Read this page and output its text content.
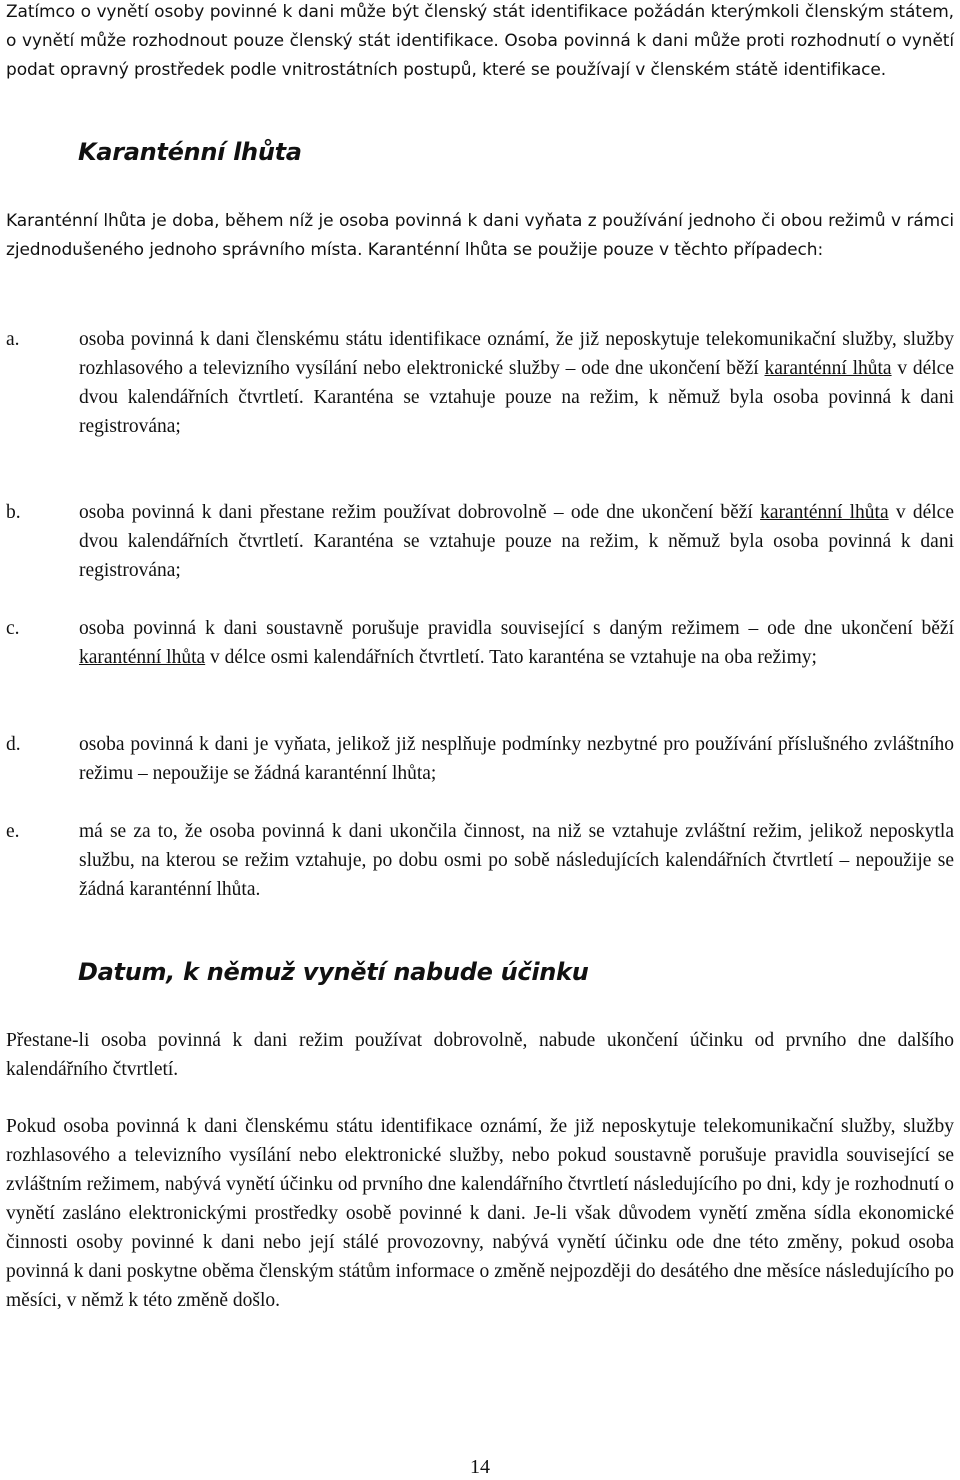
Zatímco o vynětí osoby povinné k dani může být členský stát identifikace požádán kterýmkoli členským státem, o vynětí může rozhodnout pouze členský stát identifikace. Osoba povinná k dani může proti rozhodnutí o vynětí podat opravný prostředek podle vnitrostátních postupů, které se používají v členském státě identifikace.

Karanténní lhůta

Karanténní lhůta je doba, během níž je osoba povinná k dani vyňata z používání jednoho či obou režimů v rámci zjednodušeného jednoho správního místa. Karanténní lhůta se použije pouze v těchto případech:

a.	osoba povinná k dani členskému státu identifikace oznámí, že již neposkytuje telekomunikační služby, služby rozhlasového a televizního vysílání nebo elektronické služby – ode dne ukončení běží karanténní lhůta v délce dvou kalendářních čtvrtletí. Karanténa se vztahuje pouze na režim, k němuž byla osoba povinná k dani registrována;
b.	osoba povinná k dani přestane režim používat dobrovolně – ode dne ukončení běží karanténní lhůta v délce dvou kalendářních čtvrtletí. Karanténa se vztahuje pouze na režim, k němuž byla osoba povinná k dani registrována;
c.	osoba povinná k dani soustavně porušuje pravidla související s daným režimem – ode dne ukončení běží karanténní lhůta v délce osmi kalendářních čtvrtletí. Tato karanténa se vztahuje na oba režimy;
d.	osoba povinná k dani je vyňata, jelikož již nesplňuje podmínky nezbytné pro používání příslušného zvláštního režimu – nepoužije se žádná karanténní lhůta;
e.	má se za to, že osoba povinná k dani ukončila činnost, na niž se vztahuje zvláštní režim, jelikož neposkytla službu, na kterou se režim vztahuje, po dobu osmi po sobě následujících kalendářních čtvrtletí – nepoužije se žádná karanténní lhůta.
Datum, k němuž vynětí nabude účinku

Přestane-li osoba povinná k dani režim používat dobrovolně, nabude ukončení účinku od prvního dne dalšího kalendářního čtvrtletí.

Pokud osoba povinná k dani členskému státu identifikace oznámí, že již neposkytuje telekomunikační služby, služby rozhlasového a televizního vysílání nebo elektronické služby, nebo pokud soustavně porušuje pravidla související se zvláštním režimem, nabývá vynětí účinku od prvního dne kalendářního čtvrtletí následujícího po dni, kdy je rozhodnutí o vynětí zasláno elektronickými prostředky osobě povinné k dani. Je-li však důvodem vynětí změna sídla ekonomické činnosti osoby povinné k dani nebo její stálé provozovny, nabývá vynětí účinku ode dne této změny, pokud osoba povinná k dani poskytne oběma členským státům informace o změně nejpozději do desátého dne měsíce následujícího po měsíci, v němž k této změně došlo.

14
